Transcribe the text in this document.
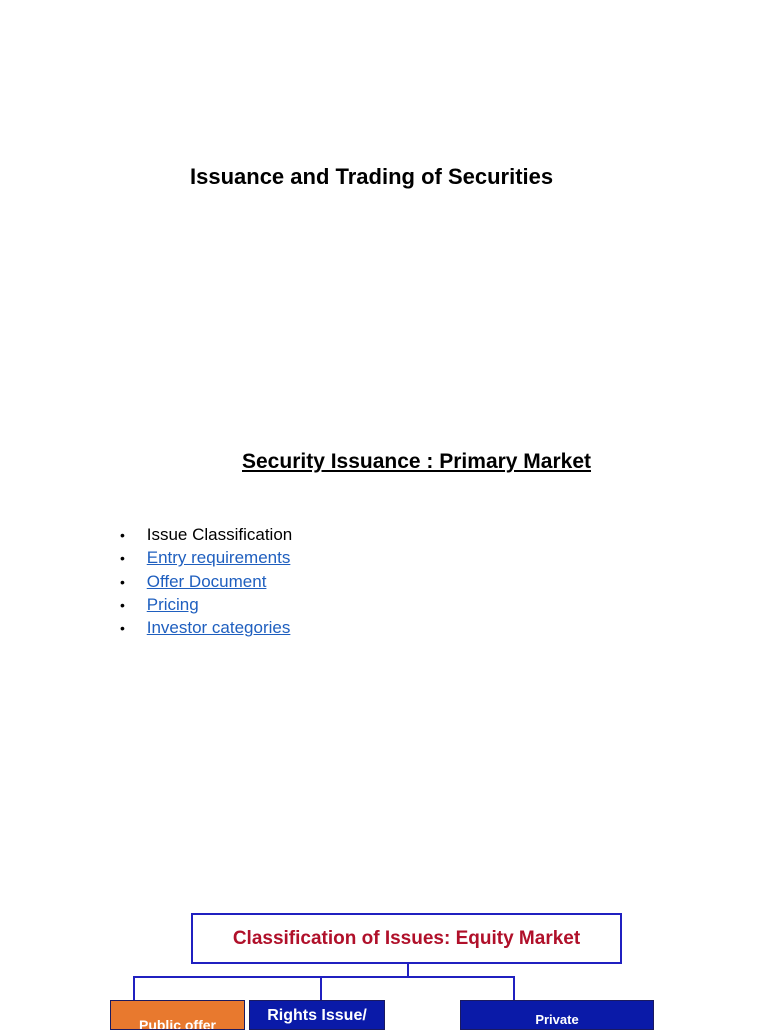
Issuance and Trading of Securities
Security Issuance : Primary Market
• Issue Classification
• Entry requirements
• Offer Document
• Pricing
• Investor categories
Classification of Issues: Equity Market
Public offer
Rights Issue/	Private
